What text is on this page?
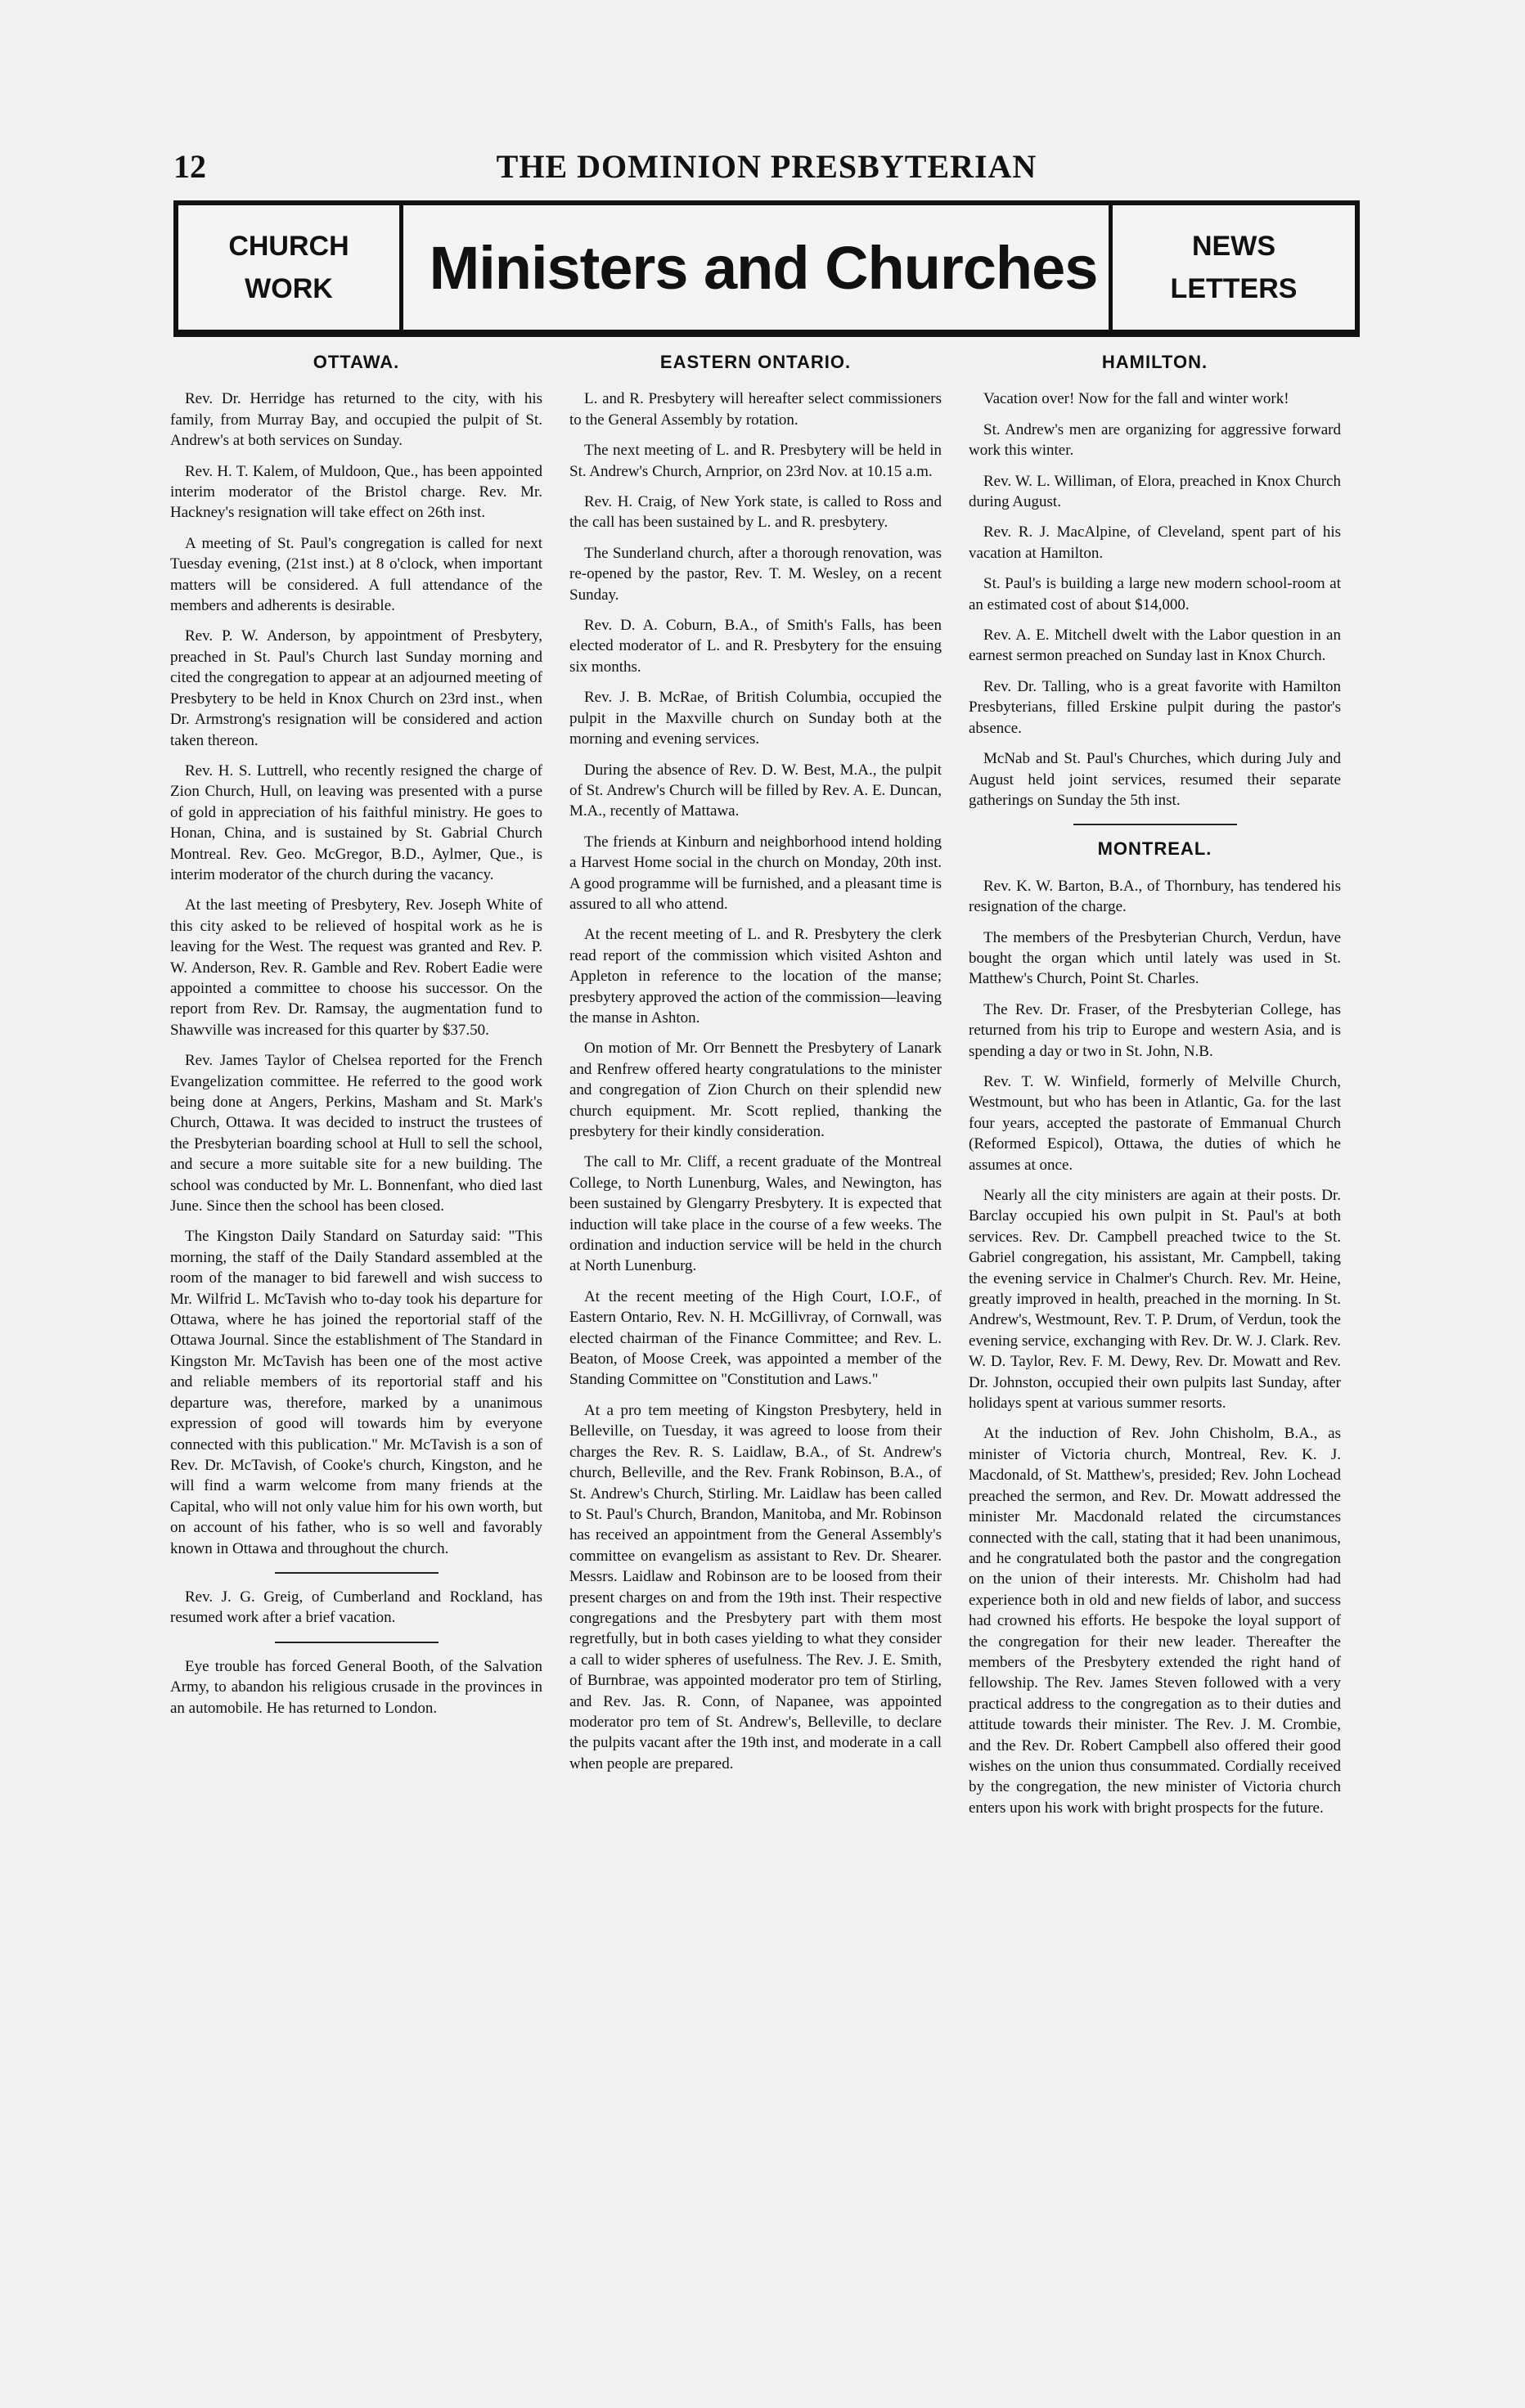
12	THE DOMINION PRESBYTERIAN
CHURCH
WORK Ministers and Churches	NEWS
LETTERS
OTTAWA.

Rev. Dr. Herridge has returned to the city, with his family, from Murray Bay, and occupied the pulpit of St. Andrew's at both services on Sunday.

Rev. H. T. Kalem, of Muldoon, Que., has been appointed interim moderator of the Bristol charge. Rev. Mr. Hackney's resignation will take effect on 26th inst.

A meeting of St. Paul's congregation is called for next Tuesday evening, (21st inst.) at 8 o'clock, when important matters will be considered. A full attendance of the members and adherents is desirable.

Rev. P. W. Anderson, by appointment of Presbytery, preached in St. Paul's Church last Sunday morning and cited the congregation to appear at an adjourned meeting of Presbytery to be held in Knox Church on 23rd inst., when Dr. Armstrong's resignation will be considered and action taken thereon.

Rev. H. S. Luttrell, who recently resigned the charge of Zion Church, Hull, on leaving was presented with a purse of gold in appreciation of his faithful ministry. He goes to Honan, China, and is sustained by St. Gabrial Church Montreal. Rev. Geo. McGregor, B.D., Aylmer, Que., is interim moderator of the church during the vacancy.

At the last meeting of Presbytery, Rev. Joseph White of this city asked to be relieved of hospital work as he is leaving for the West. The request was granted and Rev. P. W. Anderson, Rev. R. Gamble and Rev. Robert Eadie were appointed a committee to choose his successor. On the report from Rev. Dr. Ramsay, the augmentation fund to Shawville was increased for this quarter by $37.50.

Rev. James Taylor of Chelsea reported for the French Evangelization committee. He referred to the good work being done at Angers, Perkins, Masham and St. Mark's Church, Ottawa. It was decided to instruct the trustees of the Presbyterian boarding school at Hull to sell the school, and secure a more suitable site for a new building. The school was conducted by Mr. L. Bonnenfant, who died last June. Since then the school has been closed.

The Kingston Daily Standard on Saturday said: "This morning, the staff of the Daily Standard assembled at the room of the manager to bid farewell and wish success to Mr. Wilfrid L. McTavish who to-day took his departure for Ottawa, where he has joined the reportorial staff of the Ottawa Journal. Since the establishment of The Standard in Kingston Mr. McTavish has been one of the most active and reliable members of its reportorial staff and his departure was, therefore, marked by a unanimous expression of good will towards him by everyone connected with this publication." Mr. McTavish is a son of Rev. Dr. McTavish, of Cooke's church, Kingston, and he will find a warm welcome from many friends at the Capital, who will not only value him for his own worth, but on account of his father, who is so well and favorably known in Ottawa and throughout the church.

Rev. J. G. Greig, of Cumberland and Rockland, has resumed work after a brief vacation.

Eye trouble has forced General Booth, of the Salvation Army, to abandon his religious crusade in the provinces in an automobile. He has returned to London.

EASTERN ONTARIO.

L. and R. Presbytery will hereafter select commissioners to the General Assembly by rotation.

The next meeting of L. and R. Presbytery will be held in St. Andrew's Church, Arnprior, on 23rd Nov. at 10.15 a.m.

Rev. H. Craig, of New York state, is called to Ross and the call has been sustained by L. and R. presbytery.

The Sunderland church, after a thorough renovation, was re-opened by the pastor, Rev. T. M. Wesley, on a recent Sunday.

Rev. D. A. Coburn, B.A., of Smith's Falls, has been elected moderator of L. and R. Presbytery for the ensuing six months.

Rev. J. B. McRae, of British Columbia, occupied the pulpit in the Maxville church on Sunday both at the morning and evening services.

During the absence of Rev. D. W. Best, M.A., the pulpit of St. Andrew's Church will be filled by Rev. A. E. Duncan, M.A., recently of Mattawa.

The friends at Kinburn and neighborhood intend holding a Harvest Home social in the church on Monday, 20th inst. A good programme will be furnished, and a pleasant time is assured to all who attend.

At the recent meeting of L. and R. Presbytery the clerk read report of the commission which visited Ashton and Appleton in reference to the location of the manse; presbytery approved the action of the commission—leaving the manse in Ashton.

On motion of Mr. Orr Bennett the Presbytery of Lanark and Renfrew offered hearty congratulations to the minister and congregation of Zion Church on their splendid new church equipment. Mr. Scott replied, thanking the presbytery for their kindly consideration.

The call to Mr. Cliff, a recent graduate of the Montreal College, to North Lunenburg, Wales, and Newington, has been sustained by Glengarry Presbytery. It is expected that induction will take place in the course of a few weeks. The ordination and induction service will be held in the church at North Lunenburg.

At the recent meeting of the High Court, I.O.F., of Eastern Ontario, Rev. N. H. McGillivray, of Cornwall, was elected chairman of the Finance Committee; and Rev. L. Beaton, of Moose Creek, was appointed a member of the Standing Committee on "Constitution and Laws."

At a pro tem meeting of Kingston Presbytery, held in Belleville, on Tuesday, it was agreed to loose from their charges the Rev. R. S. Laidlaw, B.A., of St. Andrew's church, Belleville, and the Rev. Frank Robinson, B.A., of St. Andrew's Church, Stirling. Mr. Laidlaw has been called to St. Paul's Church, Brandon, Manitoba, and Mr. Robinson has received an appointment from the General Assembly's committee on evangelism as assistant to Rev. Dr. Shearer. Messrs. Laidlaw and Robinson are to be loosed from their present charges on and from the 19th inst. Their respective congregations and the Presbytery part with them most regretfully, but in both cases yielding to what they consider a call to wider spheres of usefulness. The Rev. J. E. Smith, of Burnbrae, was appointed moderator pro tem of Stirling, and Rev. Jas. R. Conn, of Napanee, was appointed moderator pro tem of St. Andrew's, Belleville, to declare the pulpits vacant after the 19th inst, and moderate in a call when people are prepared.

HAMILTON.

Vacation over! Now for the fall and winter work!

St. Andrew's men are organizing for aggressive forward work this winter.

Rev. W. L. Williman, of Elora, preached in Knox Church during August.

Rev. R. J. MacAlpine, of Cleveland, spent part of his vacation at Hamilton.

St. Paul's is building a large new modern school-room at an estimated cost of about $14,000.

Rev. A. E. Mitchell dwelt with the Labor question in an earnest sermon preached on Sunday last in Knox Church.

Rev. Dr. Talling, who is a great favorite with Hamilton Presbyterians, filled Erskine pulpit during the pastor's absence.

McNab and St. Paul's Churches, which during July and August held joint services, resumed their separate gatherings on Sunday the 5th inst.

MONTREAL.

Rev. K. W. Barton, B.A., of Thornbury, has tendered his resignation of the charge.

The members of the Presbyterian Church, Verdun, have bought the organ which until lately was used in St. Matthew's Church, Point St. Charles.

The Rev. Dr. Fraser, of the Presbyterian College, has returned from his trip to Europe and western Asia, and is spending a day or two in St. John, N.B.

Rev. T. W. Winfield, formerly of Melville Church, Westmount, but who has been in Atlantic, Ga. for the last four years, accepted the pastorate of Emmanual Church (Reformed Espicol), Ottawa, the duties of which he assumes at once.

Nearly all the city ministers are again at their posts. Dr. Barclay occupied his own pulpit in St. Paul's at both services. Rev. Dr. Campbell preached twice to the St. Gabriel congregation, his assistant, Mr. Campbell, taking the evening service in Chalmer's Church. Rev. Mr. Heine, greatly improved in health, preached in the morning. In St. Andrew's, Westmount, Rev. T. P. Drum, of Verdun, took the evening service, exchanging with Rev. Dr. W. J. Clark. Rev. W. D. Taylor, Rev. F. M. Dewy, Rev. Dr. Mowatt and Rev. Dr. Johnston, occupied their own pulpits last Sunday, after holidays spent at various summer resorts.

At the induction of Rev. John Chisholm, B.A., as minister of Victoria church, Montreal, Rev. K. J. Macdonald, of St. Matthew's, presided; Rev. John Lochead preached the sermon, and Rev. Dr. Mowatt addressed the minister Mr. Macdonald related the circumstances connected with the call, stating that it had been unanimous, and he congratulated both the pastor and the congregation on the union of their interests. Mr. Chisholm had had experience both in old and new fields of labor, and success had crowned his efforts. He bespoke the loyal support of the congregation for their new leader. Thereafter the members of the Presbytery extended the right hand of fellowship. The Rev. James Steven followed with a very practical address to the congregation as to their duties and attitude towards their minister. The Rev. J. M. Crombie, and the Rev. Dr. Robert Campbell also offered their good wishes on the union thus consummated. Cordially received by the congregation, the new minister of Victoria church enters upon his work with bright prospects for the future.
